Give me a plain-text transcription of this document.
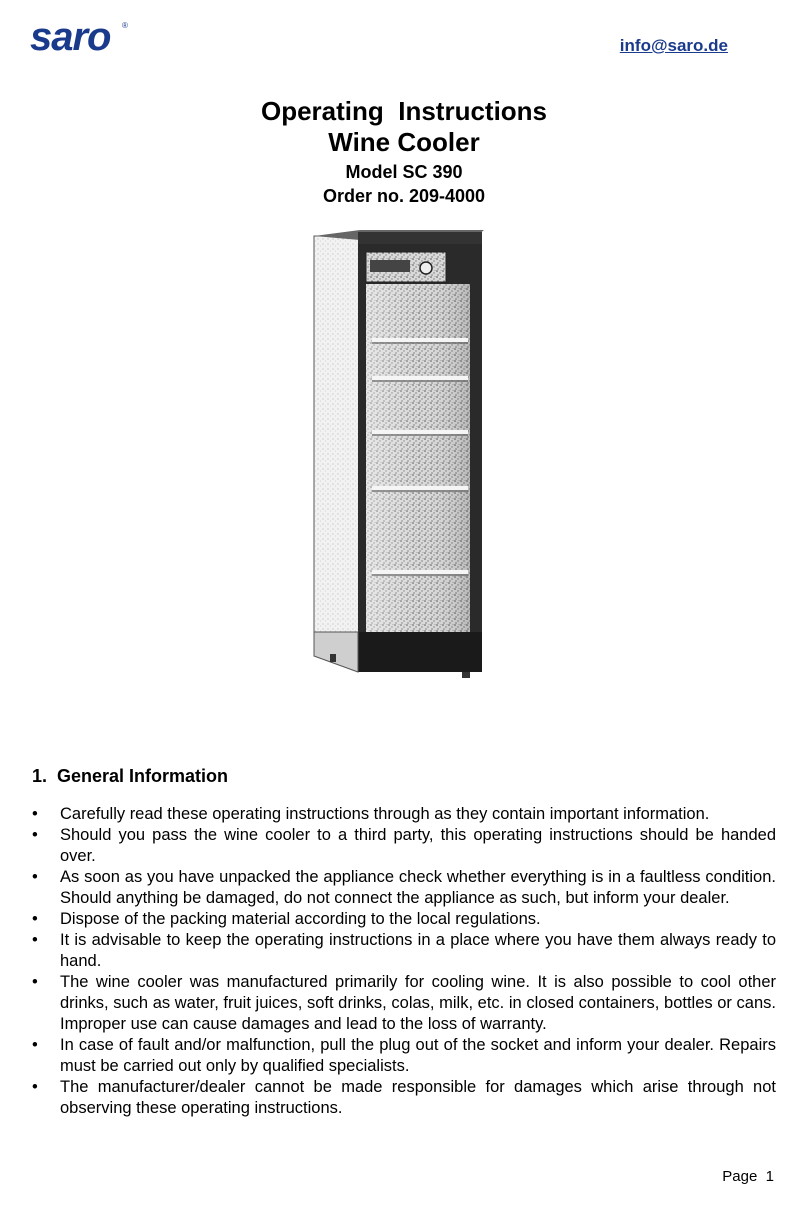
saro ®
info@saro.de
Operating  Instructions
Wine Cooler
Model SC 390
Order no. 209-4000
1.  General Information
• Carefully read these operating instructions through as they contain important information.
• Should you pass the wine cooler to a third party, this operating instructions should be handed over.
• As soon as you have unpacked the appliance check whether everything is in a faultless condition. Should anything be damaged, do not connect the appliance as such, but inform your dealer.
• Dispose of the packing material according to the local regulations.
• It is advisable to keep the operating instructions in a place where you have them always ready to hand.
• The wine cooler was manufactured primarily for cooling wine. It is also possible to cool other drinks, such as water, fruit juices, soft drinks, colas, milk, etc. in closed containers, bottles or cans. Improper use can cause damages and lead to the loss of warranty.
• In case of fault and/or malfunction, pull the plug out of the socket and inform your dealer. Repairs must be carried out only by qualified specialists.
• The manufacturer/dealer cannot be made responsible for damages which arise through not observing these operating instructions.
Page  1
